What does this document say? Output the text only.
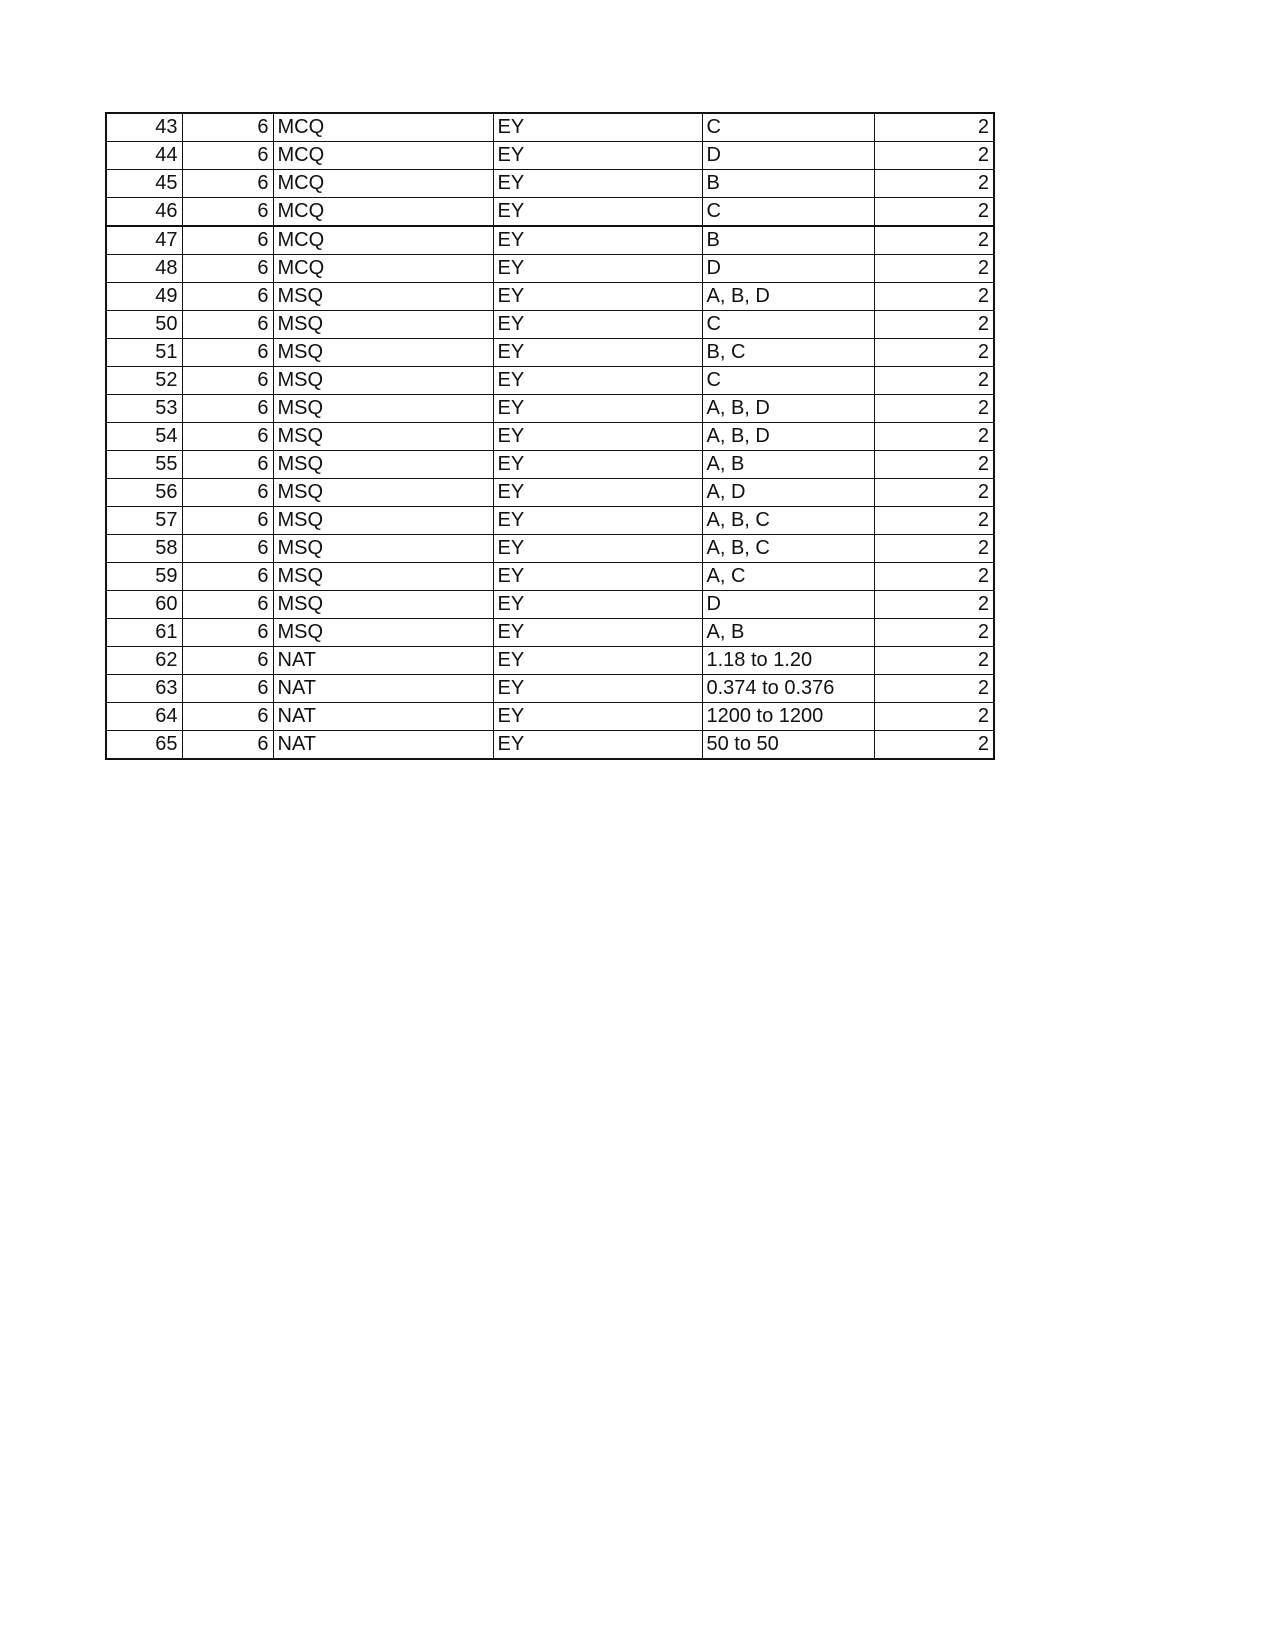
43	6	MCQ	EY	C	2
44	6	MCQ	EY	D	2
45	6	MCQ	EY	B	2
46	6	MCQ	EY	C	2
47	6	MCQ	EY	B	2
48	6	MCQ	EY	D	2
49	6	MSQ	EY	A, B, D	2
50	6	MSQ	EY	C	2
51	6	MSQ	EY	B, C	2
52	6	MSQ	EY	C	2
53	6	MSQ	EY	A, B, D	2
54	6	MSQ	EY	A, B, D	2
55	6	MSQ	EY	A, B	2
56	6	MSQ	EY	A, D	2
57	6	MSQ	EY	A, B, C	2
58	6	MSQ	EY	A, B, C	2
59	6	MSQ	EY	A, C	2
60	6	MSQ	EY	D	2
61	6	MSQ	EY	A, B	2
62	6	NAT	EY	1.18 to 1.20	2
63	6	NAT	EY	0.374 to 0.376	2
64	6	NAT	EY	1200 to 1200	2
65	6	NAT	EY	50 to 50	2
